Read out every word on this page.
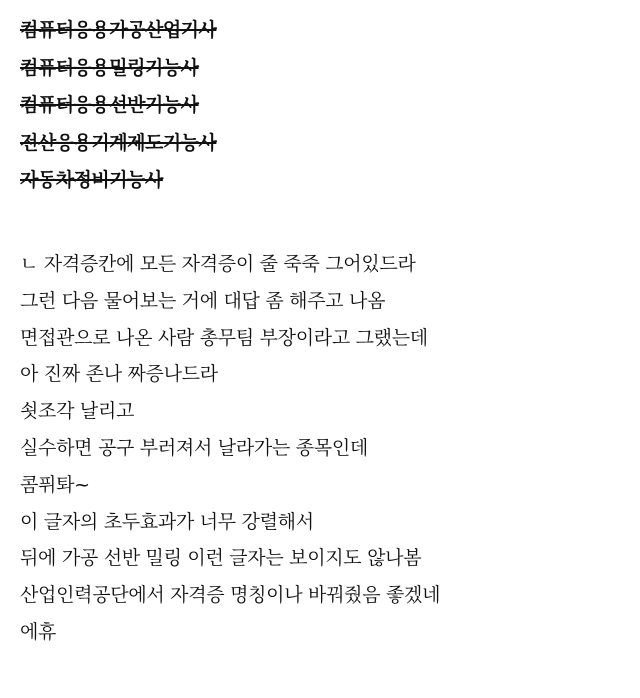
컴퓨터응용가공산업기사
컴퓨터응용밀링기능사
컴퓨터응용선반기능사
전산응용기계제도기능사
자동차정비기능사
ㄴ 자격증칸에 모든 자격증이 줄 죽죽 그어있드라
그런 다음 물어보는 거에 대답 좀 해주고 나옴
면접관으로 나온 사람 총무팀 부장이라고 그랬는데
아 진짜 존나 짜증나드라
쇳조각 날리고
실수하면 공구 부러져서 날라가는 종목인데
콤퓌톼~
이 글자의 초두효과가 너무 강렬해서
뒤에 가공 선반 밀링 이런 글자는 보이지도 않나봄
산업인력공단에서 자격증 명칭이나 바꿔줬음 좋겠네
에휴
